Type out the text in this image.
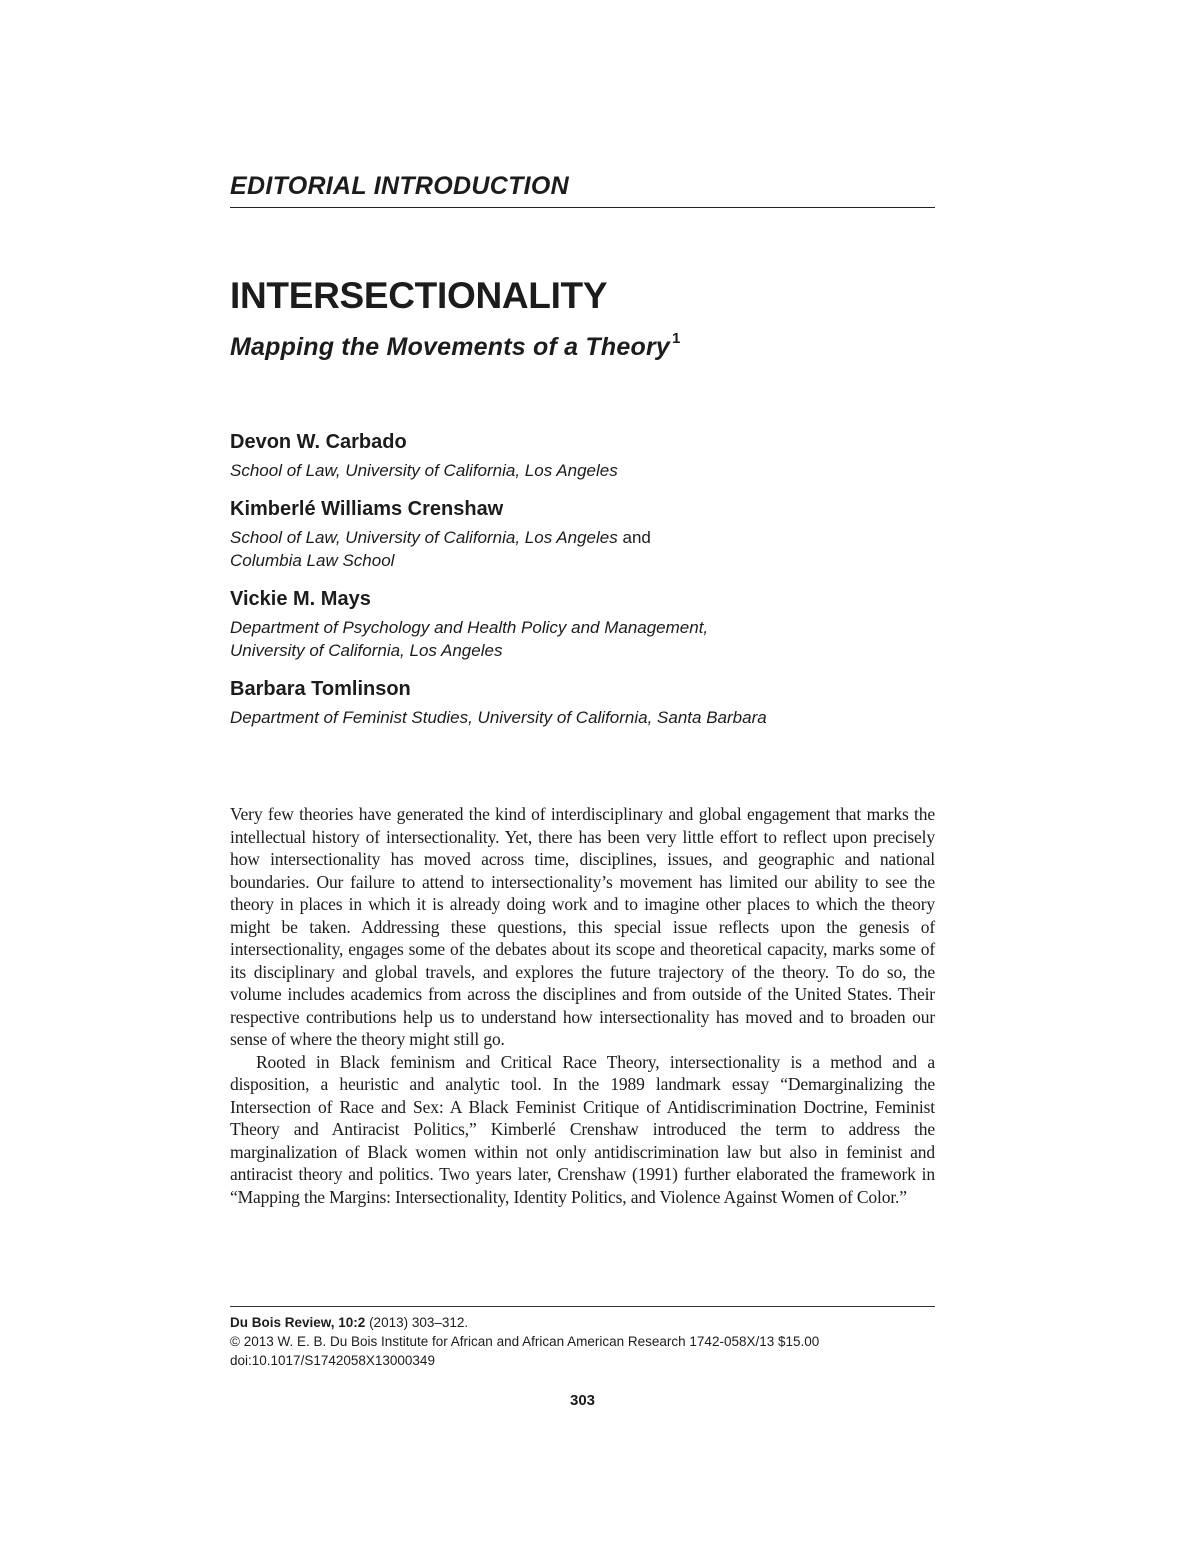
EDITORIAL INTRODUCTION
INTERSECTIONALITY
Mapping the Movements of a Theory $^1$

Devon W. Carbado

School of Law, University of California, Los Angeles

Kimberlé Williams Crenshaw

School of Law, University of California, Los Angeles and
Columbia Law School

Vickie M. Mays

Department of Psychology and Health Policy and Management,
University of California, Los Angeles

Barbara Tomlinson

Department of Feminist Studies, University of California, Santa Barbara

Very few theories have generated the kind of interdisciplinary and global engagement that marks the intellectual history of intersectionality. Yet, there has been very little effort to reflect upon precisely how intersectionality has moved across time, disciplines, issues, and geographic and national boundaries. Our failure to attend to intersectionality’s movement has limited our ability to see the theory in places in which it is already doing work and to imagine other places to which the theory might be taken. Addressing these questions, this special issue reflects upon the genesis of intersectionality, engages some of the debates about its scope and theoretical capacity, marks some of its disciplinary and global travels, and explores the future trajectory of the theory. To do so, the volume includes academics from across the disciplines and from outside of the United States. Their respective contributions help us to understand how intersectionality has moved and to broaden our sense of where the theory might still go.

Rooted in Black feminism and Critical Race Theory, intersectionality is a method and a disposition, a heuristic and analytic tool. In the 1989 landmark essay “Demarginalizing the Intersection of Race and Sex: A Black Feminist Critique of Antidiscrimination Doctrine, Feminist Theory and Antiracist Politics,” Kimberlé Crenshaw introduced the term to address the marginalization of Black women within not only antidiscrimination law but also in feminist and antiracist theory and politics. Two years later, Crenshaw (1991) further elaborated the framework in “Mapping the Margins: Intersectionality, Identity Politics, and Violence Against Women of Color.”

Du Bois Review, 10:2 (2013) 303–312.
© 2013 W. E. B. Du Bois Institute for African and African American Research 1742-058X/13 $15.00
doi:10.1017/S1742058X13000349
303
